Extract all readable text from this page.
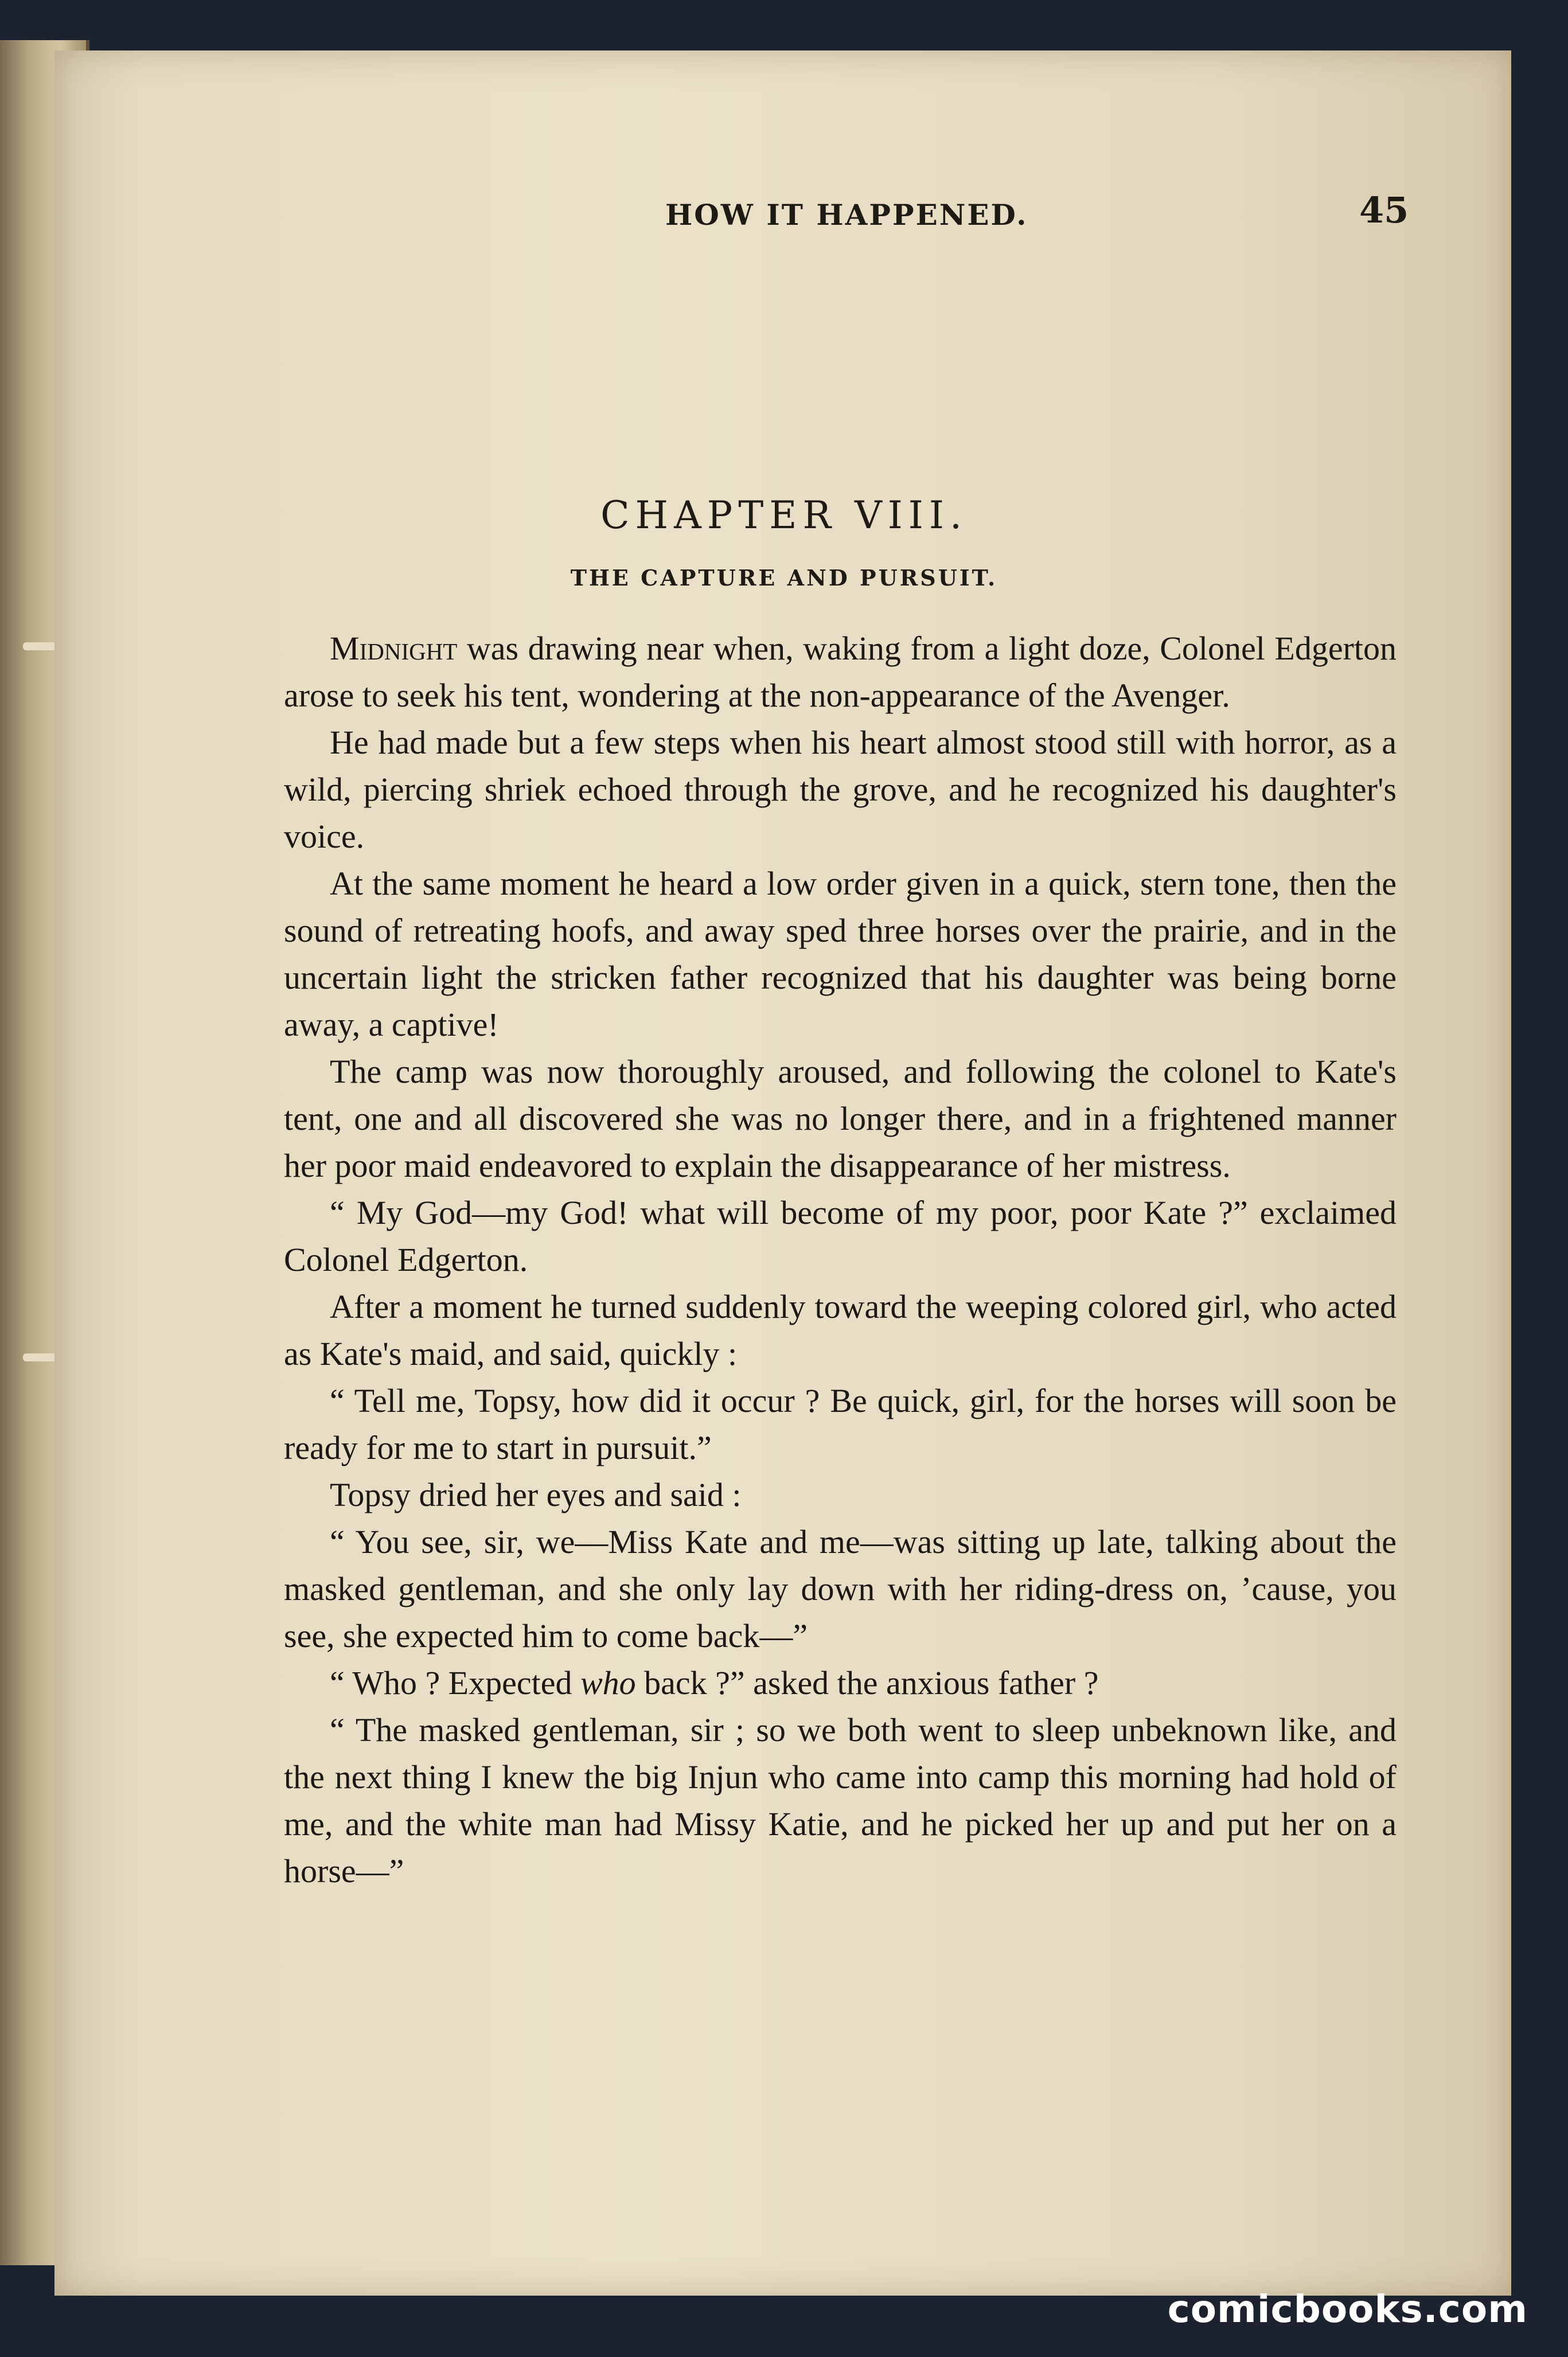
HOW IT HAPPENED.	45
CHAPTER VIII.
THE CAPTURE AND PURSUIT.

Midnight was drawing near when, waking from a light doze, Colonel Edgerton arose to seek his tent, wondering at the non-appearance of the Avenger.

He had made but a few steps when his heart almost stood still with horror, as a wild, piercing shriek echoed through the grove, and he recognized his daughter's voice.

At the same moment he heard a low order given in a quick, stern tone, then the sound of retreating hoofs, and away sped three horses over the prairie, and in the uncertain light the stricken father recognized that his daughter was being borne away, a captive!

The camp was now thoroughly aroused, and following the colonel to Kate's tent, one and all discovered she was no longer there, and in a frightened manner her poor maid endeavored to explain the disappearance of her mistress.

“ My God—my God! what will become of my poor, poor Kate ?” exclaimed Colonel Edgerton.

After a moment he turned suddenly toward the weeping colored girl, who acted as Kate's maid, and said, quickly :

“ Tell me, Topsy, how did it occur ? Be quick, girl, for the horses will soon be ready for me to start in pursuit.”

Topsy dried her eyes and said :

“ You see, sir, we—Miss Kate and me—was sitting up late, talking about the masked gentleman, and she only lay down with her riding-dress on, ’cause, you see, she expected him to come back—”

“ Who ? Expected who back ?” asked the anxious father ?

“ The masked gentleman, sir ; so we both went to sleep unbeknown like, and the next thing I knew the big Injun who came into camp this morning had hold of me, and the white man had Missy Katie, and he picked her up and put her on a horse—”

comicbooks.com
